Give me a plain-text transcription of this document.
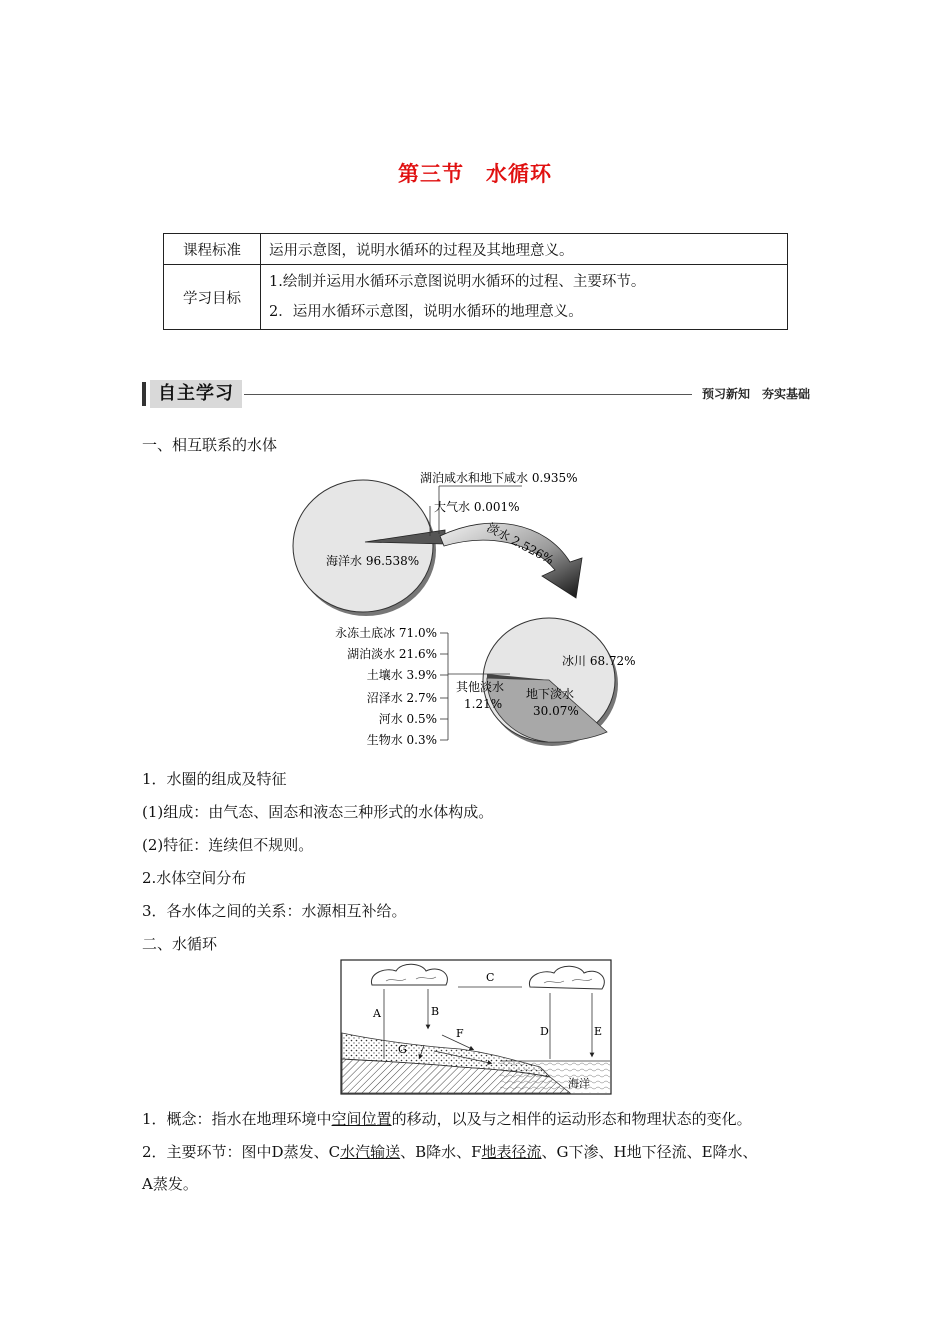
第三节　水循环
课程标准	运用示意图，说明水循环的过程及其地理意义。
学习目标	1.绘制并运用水循环示意图说明水循环的过程、主要环节。
2．运用水循环示意图，说明水循环的地理意义。
自主学习	预习新知　夯实基础
一、相互联系的水体
淡水 2.526%
海洋水 96.538%
湖泊咸水和地下咸水 0.935%
大气水 0.001%
冰川 68.72%
地下淡水
30.07%
其他淡水
1.21%
永冻土底冰 71.0%
湖泊淡水 21.6%
土壤水 3.9%
沼泽水 2.7%
河水 0.5%
生物水 0.3%
1．水圈的组成及特征
(1)组成：由气态、固态和液态三种形式的水体构成。
(2)特征：连续但不规则。
2.水体空间分布
3．各水体之间的关系：水源相互补给。
二、水循环
C
A	B
D	E
海洋
F
G
1．概念：指水在地理环境中空间位置的移动，以及与之相伴的运动形态和物理状态的变化。
2．主要环节：图中D蒸发、C水汽输送、B降水、F地表径流、G下渗、H地下径流、E降水、
A蒸发。
